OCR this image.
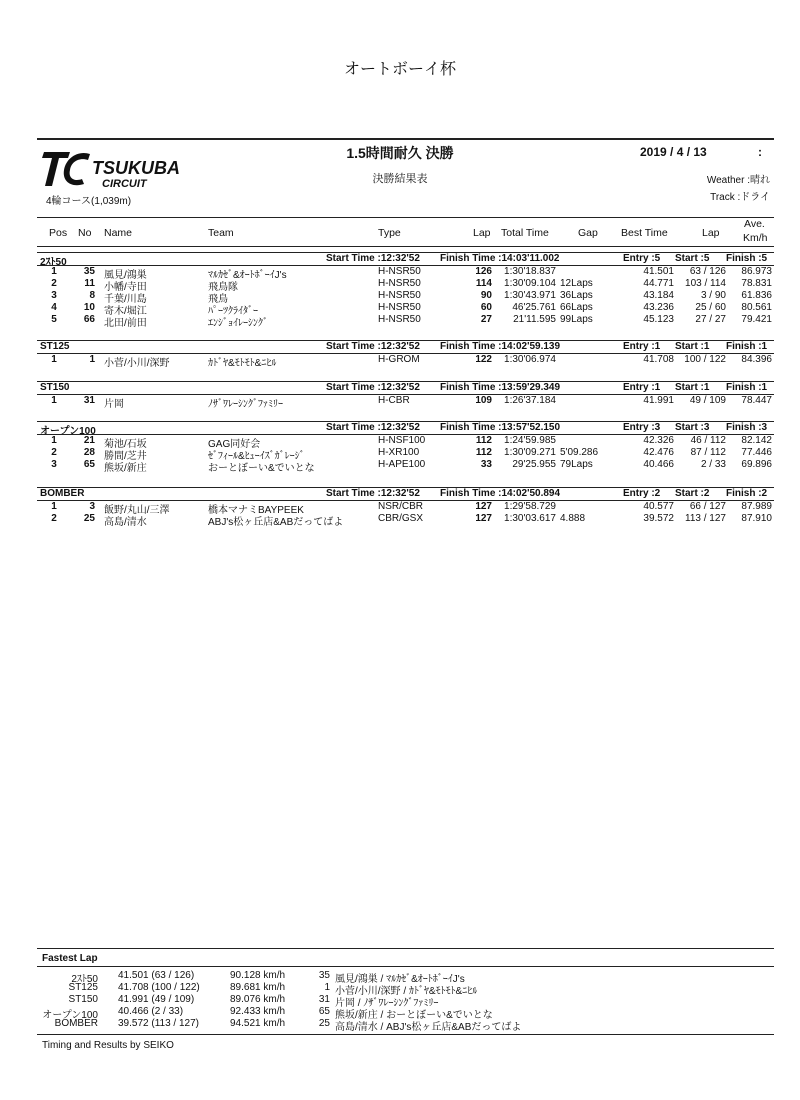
オートボーイ杯
TSUKUBA
CIRCUIT
4輪コース(1,039m)
1.5時間耐久 決勝
決勝結果表
2019 / 4 / 13	:
Weather :晴れ
Track :ドライ
Pos No Name	Team	Type	Lap Total Time	Gap Best Time	Lap
Ave.
Km/h
2ｽﾄ50	Start Time :12:32'52 Finish Time :14:03'11.002	Entry :5 Start :5 Finish :5
1	35 風見/鴻巣	ﾏﾙｶｾﾞ&ｵｰﾄﾎﾞｰｲJ's	H-NSR50	126	1:30'18.837	41.501	63 / 126	86.973
2	11 小幡/寺田	飛鳥隊	H-NSR50	114	1:30'09.104 12Laps	44.771	103 / 114	78.831
3	8 千葉/川島	飛鳥	H-NSR50	90	1:30'43.971 36Laps	43.184	3 / 90	61.836
4	10 寄木/堀江	ﾊﾟｰﾂｸﾗｲﾀﾞｰ	H-NSR50	60	46'25.761 66Laps	43.236	25 / 60	80.561
5	66 北田/前田	ｴﾝｼﾞｮｲﾚｰｼﾝｸﾞ	H-NSR50	27	21'11.595 99Laps	45.123	27 / 27	79.421
ST125	Start Time :12:32'52 Finish Time :14:02'59.139	Entry :1 Start :1 Finish :1
1	1 小菅/小川/深野	ｶﾄﾞﾔ&ﾓﾄﾓﾄ&ﾆﾋﾙ	H-GROM	122	1:30'06.974	41.708	100 / 122	84.396
ST150	Start Time :12:32'52 Finish Time :13:59'29.349	Entry :1 Start :1 Finish :1
1	31 片岡	ﾉｻﾞﾜﾚｰｼﾝｸﾞﾌｧﾐﾘｰ	H-CBR	109	1:26'37.184	41.991	49 / 109	78.447
オープン100	Start Time :12:32'52 Finish Time :13:57'52.150	Entry :3 Start :3 Finish :3
1	21 菊池/石坂	GAG同好会	H-NSF100	112	1:24'59.985	42.326	46 / 112	82.142
2	28 勝間/芝井	ｾﾞﾌｨｰﾙ&ﾋｭｰｲｽﾞｶﾞﾚｰｼﾞ	H-XR100	112	1:30'09.271 5'09.286	42.476	87 / 112	77.446
3	65 熊坂/新庄	おーとぼーい&でいとな	H-APE100	33	29'25.955 79Laps	40.466	2 / 33	69.896
BOMBER	Start Time :12:32'52 Finish Time :14:02'50.894	Entry :2 Start :2 Finish :2
1	3 飯野/丸山/三澤	橋本マナミBAYPEEK	NSR/CBR	127	1:29'58.729	40.577	66 / 127	87.989
2	25 高島/清水	ABJ's松ヶ丘店&ABだってばよ	CBR/GSX	127	1:30'03.617 4.888	39.572	113 / 127	87.910
Fastest Lap
2ｽﾄ50 41.501 (63 / 126)	90.128 km/h	35 風見/鴻巣 / ﾏﾙｶｾﾞ&ｵｰﾄﾎﾞｰｲJ's
ST125 41.708 (100 / 122)	89.681 km/h	1 小菅/小川/深野 / ｶﾄﾞﾔ&ﾓﾄﾓﾄ&ﾆﾋﾙ
ST150 41.991 (49 / 109)	89.076 km/h	31 片岡 / ﾉｻﾞﾜﾚｰｼﾝｸﾞﾌｧﾐﾘｰ
オープン100 40.466 (2 / 33)	92.433 km/h	65 熊坂/新庄 / おーとぼーい&でいとな
BOMBER 39.572 (113 / 127)	94.521 km/h	25 高島/清水 / ABJ's松ヶ丘店&ABだってばよ
Timing and Results by SEIKO
